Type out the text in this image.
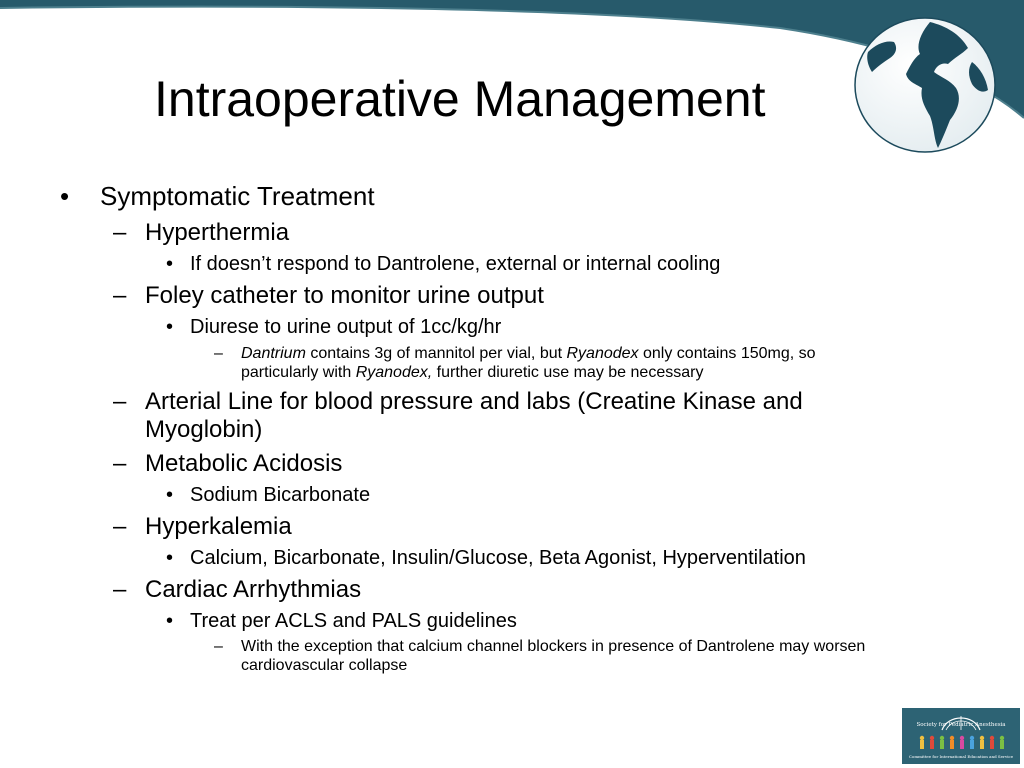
Intraoperative Management
• Symptomatic Treatment
– Hyperthermia
• If doesn’t respond to Dantrolene, external or internal cooling
– Foley catheter to monitor urine output
• Diurese to urine output of 1cc/kg/hr
– Dantrium contains 3g of mannitol per vial, but Ryanodex only contains 150mg, so
particularly with Ryanodex, further diuretic use may be necessary
– Arterial Line for blood pressure and labs (Creatine Kinase and
Myoglobin)
– Metabolic Acidosis
• Sodium Bicarbonate
– Hyperkalemia
• Calcium, Bicarbonate, Insulin/Glucose, Beta Agonist, Hyperventilation
– Cardiac Arrhythmias
• Treat per ACLS and PALS guidelines
– With the exception that calcium channel blockers in presence of Dantrolene may worsen
cardiovascular collapse
Society for Pediatric Anesthesia
Committee for International Education and Service
